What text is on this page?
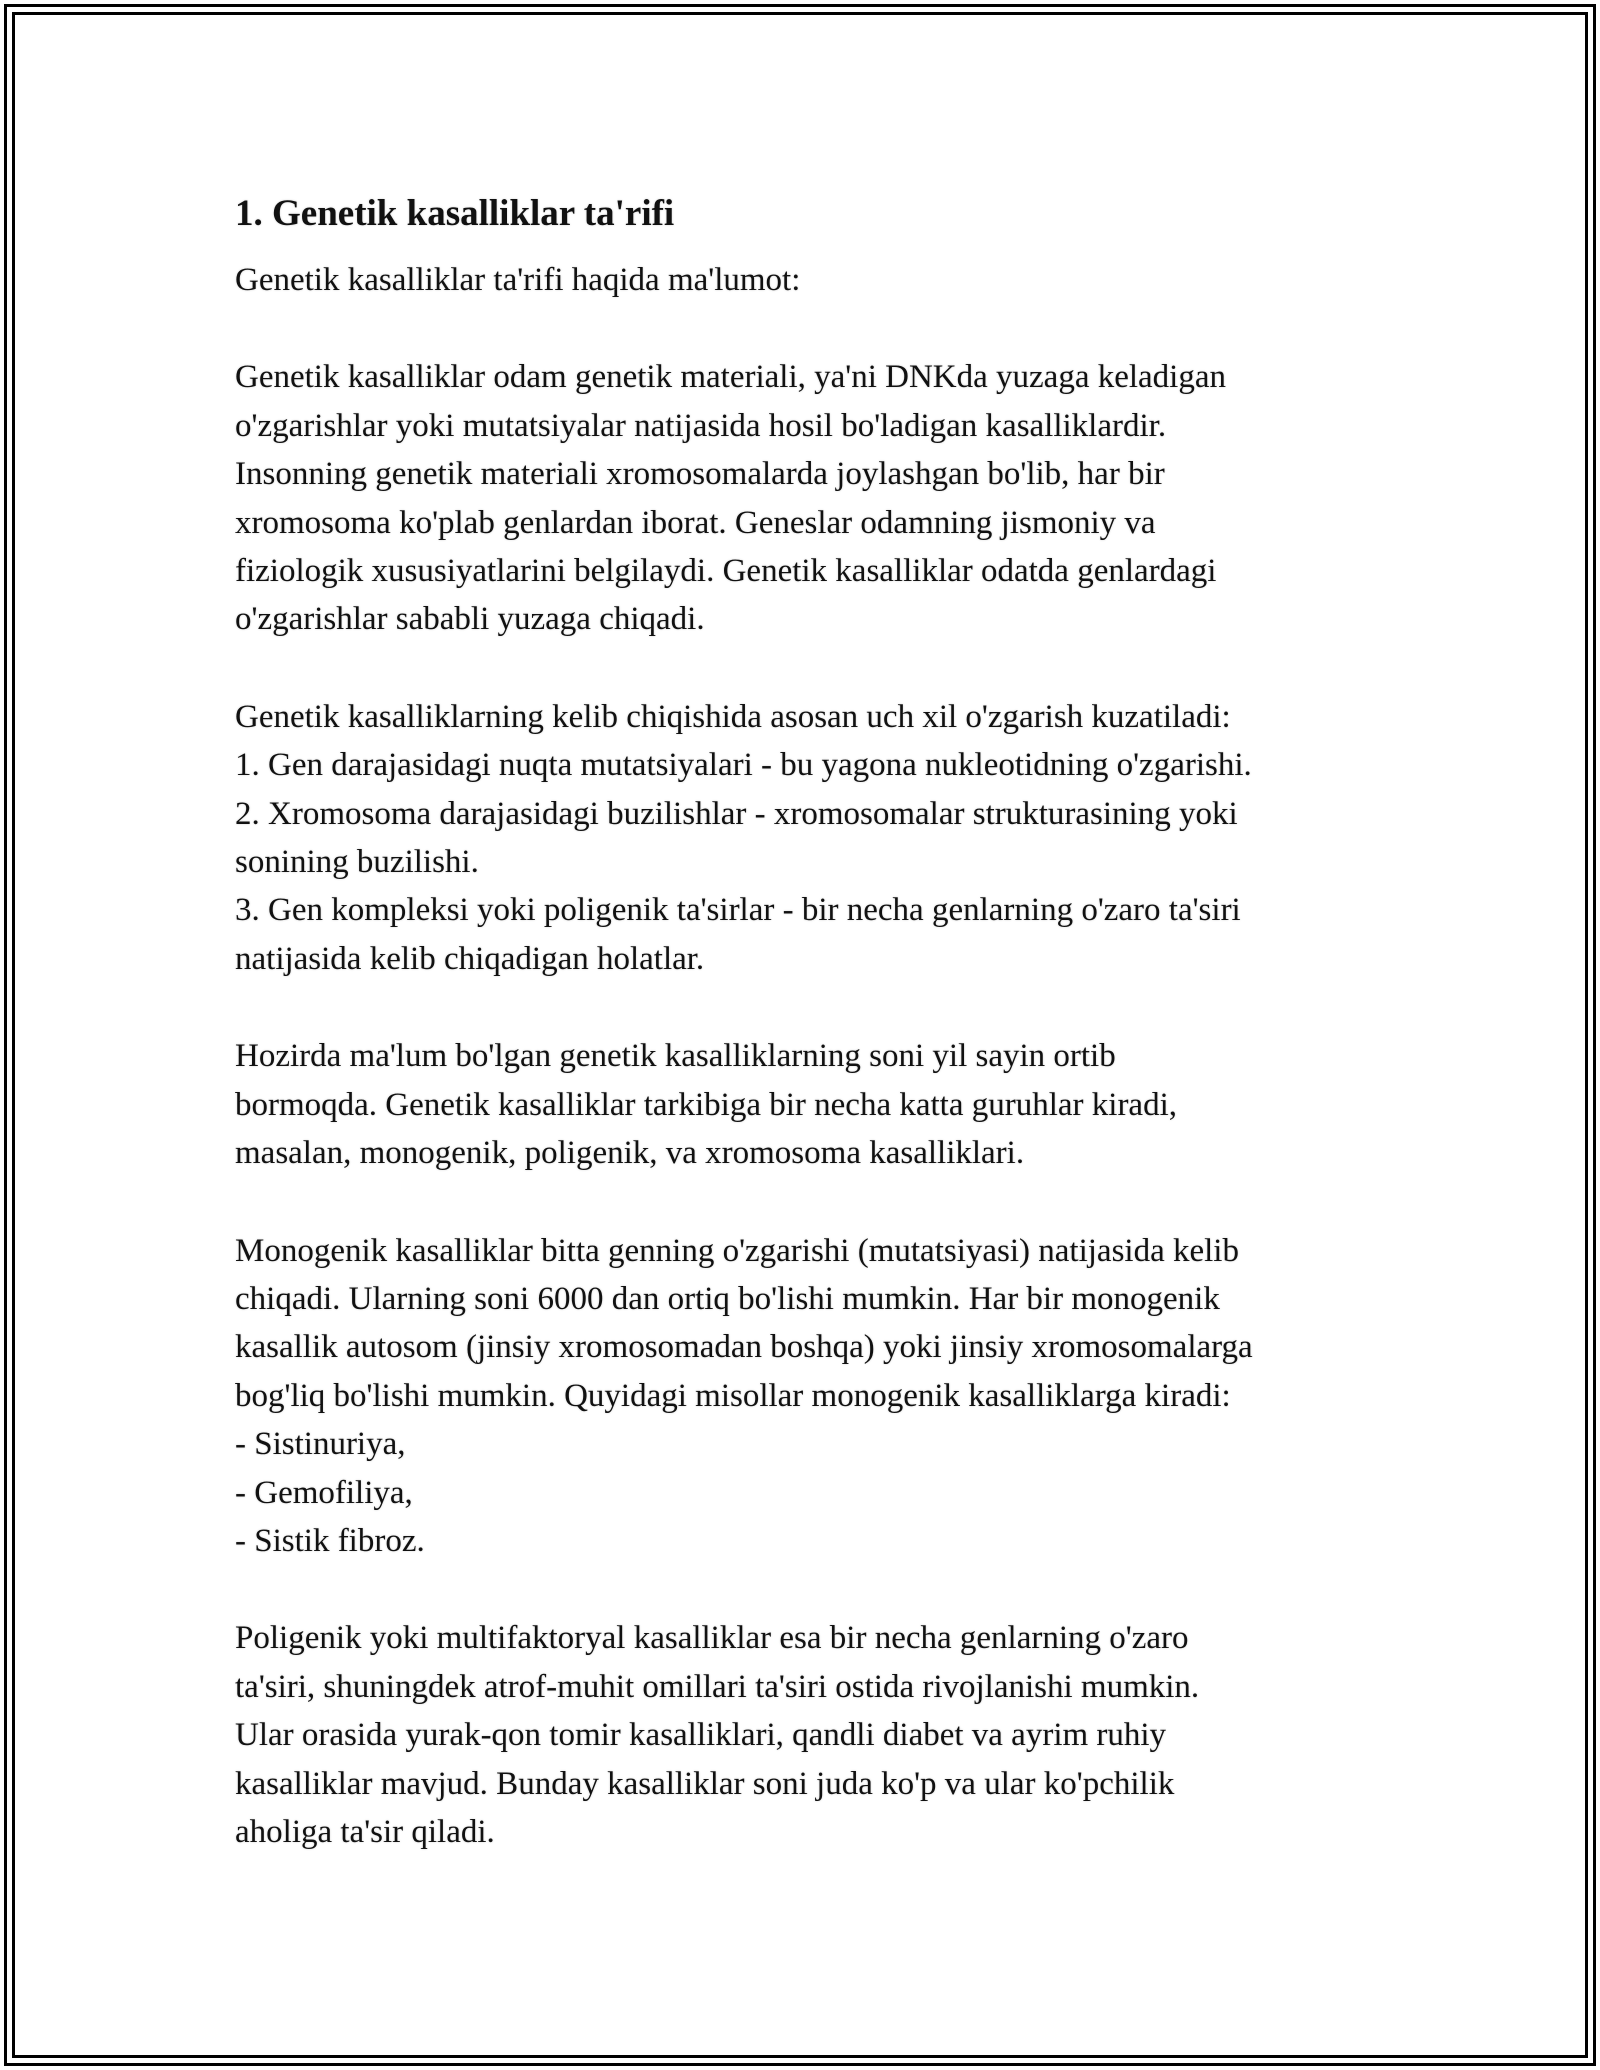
1. Genetik kasalliklar ta'rifi

Genetik kasalliklar ta'rifi haqida ma'lumot:

Genetik kasalliklar odam genetik materiali, ya'ni DNKda yuzaga keladigan
o'zgarishlar yoki mutatsiyalar natijasida hosil bo'ladigan kasalliklardir.
Insonning genetik materiali xromosomalarda joylashgan bo'lib, har bir
xromosoma ko'plab genlardan iborat. Geneslar odamning jismoniy va
fiziologik xususiyatlarini belgilaydi. Genetik kasalliklar odatda genlardagi
o'zgarishlar sababli yuzaga chiqadi.
Genetik kasalliklarning kelib chiqishida asosan uch xil o'zgarish kuzatiladi:
1. Gen darajasidagi nuqta mutatsiyalari - bu yagona nukleotidning o'zgarishi.
2. Xromosoma darajasidagi buzilishlar - xromosomalar strukturasining yoki
sonining buzilishi.
3. Gen kompleksi yoki poligenik ta'sirlar - bir necha genlarning o'zaro ta'siri
natijasida kelib chiqadigan holatlar.
Hozirda ma'lum bo'lgan genetik kasalliklarning soni yil sayin ortib
bormoqda. Genetik kasalliklar tarkibiga bir necha katta guruhlar kiradi,
masalan, monogenik, poligenik, va xromosoma kasalliklari.
Monogenik kasalliklar bitta genning o'zgarishi (mutatsiyasi) natijasida kelib
chiqadi. Ularning soni 6000 dan ortiq bo'lishi mumkin. Har bir monogenik
kasallik autosom (jinsiy xromosomadan boshqa) yoki jinsiy xromosomalarga
bog'liq bo'lishi mumkin. Quyidagi misollar monogenik kasalliklarga kiradi:
- Sistinuriya,
- Gemofiliya,
- Sistik fibroz.
Poligenik yoki multifaktoryal kasalliklar esa bir necha genlarning o'zaro
ta'siri, shuningdek atrof-muhit omillari ta'siri ostida rivojlanishi mumkin.
Ular orasida yurak-qon tomir kasalliklari, qandli diabet va ayrim ruhiy
kasalliklar mavjud. Bunday kasalliklar soni juda ko'p va ular ko'pchilik
aholiga ta'sir qiladi.
